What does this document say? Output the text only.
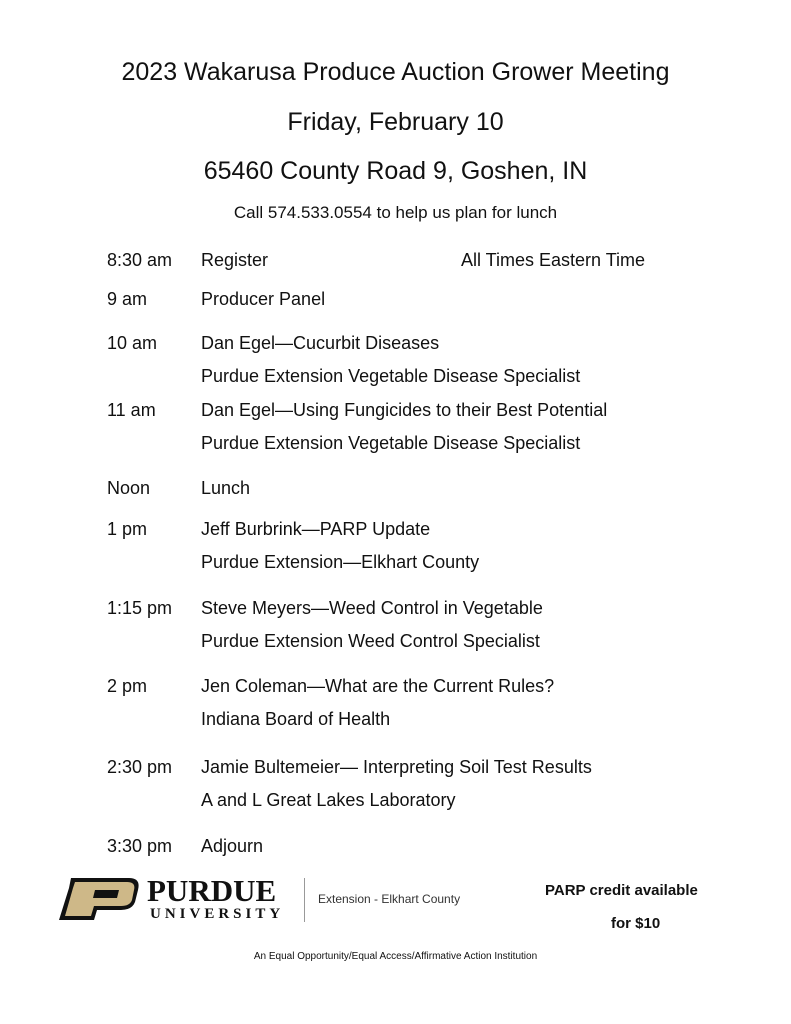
2023 Wakarusa Produce Auction Grower Meeting
Friday, February 10
65460 County Road 9, Goshen, IN
Call 574.533.0554 to help us plan for lunch
All Times Eastern Time
8:30 am Register
9 am	Producer Panel
10 am Dan Egel—Cucurbit Diseases
Purdue Extension Vegetable Disease Specialist
11 am	Dan Egel—Using Fungicides to their Best Potential
Purdue Extension Vegetable Disease Specialist
Noon	Lunch
1 pm	Jeff Burbrink—PARP Update
Purdue Extension—Elkhart County
1:15 pm Steve Meyers—Weed Control in Vegetable
Purdue Extension Weed Control Specialist
2 pm	Jen Coleman—What are the Current Rules?
Indiana Board of Health
2:30 pm Jamie Bultemeier— Interpreting Soil Test Results
A and L Great Lakes Laboratory
3:30 pm Adjourn
PURDUE
UNIVERSITY
Extension - Elkhart County	PARP credit available
for $10
An Equal Opportunity/Equal Access/Affirmative Action Institution
